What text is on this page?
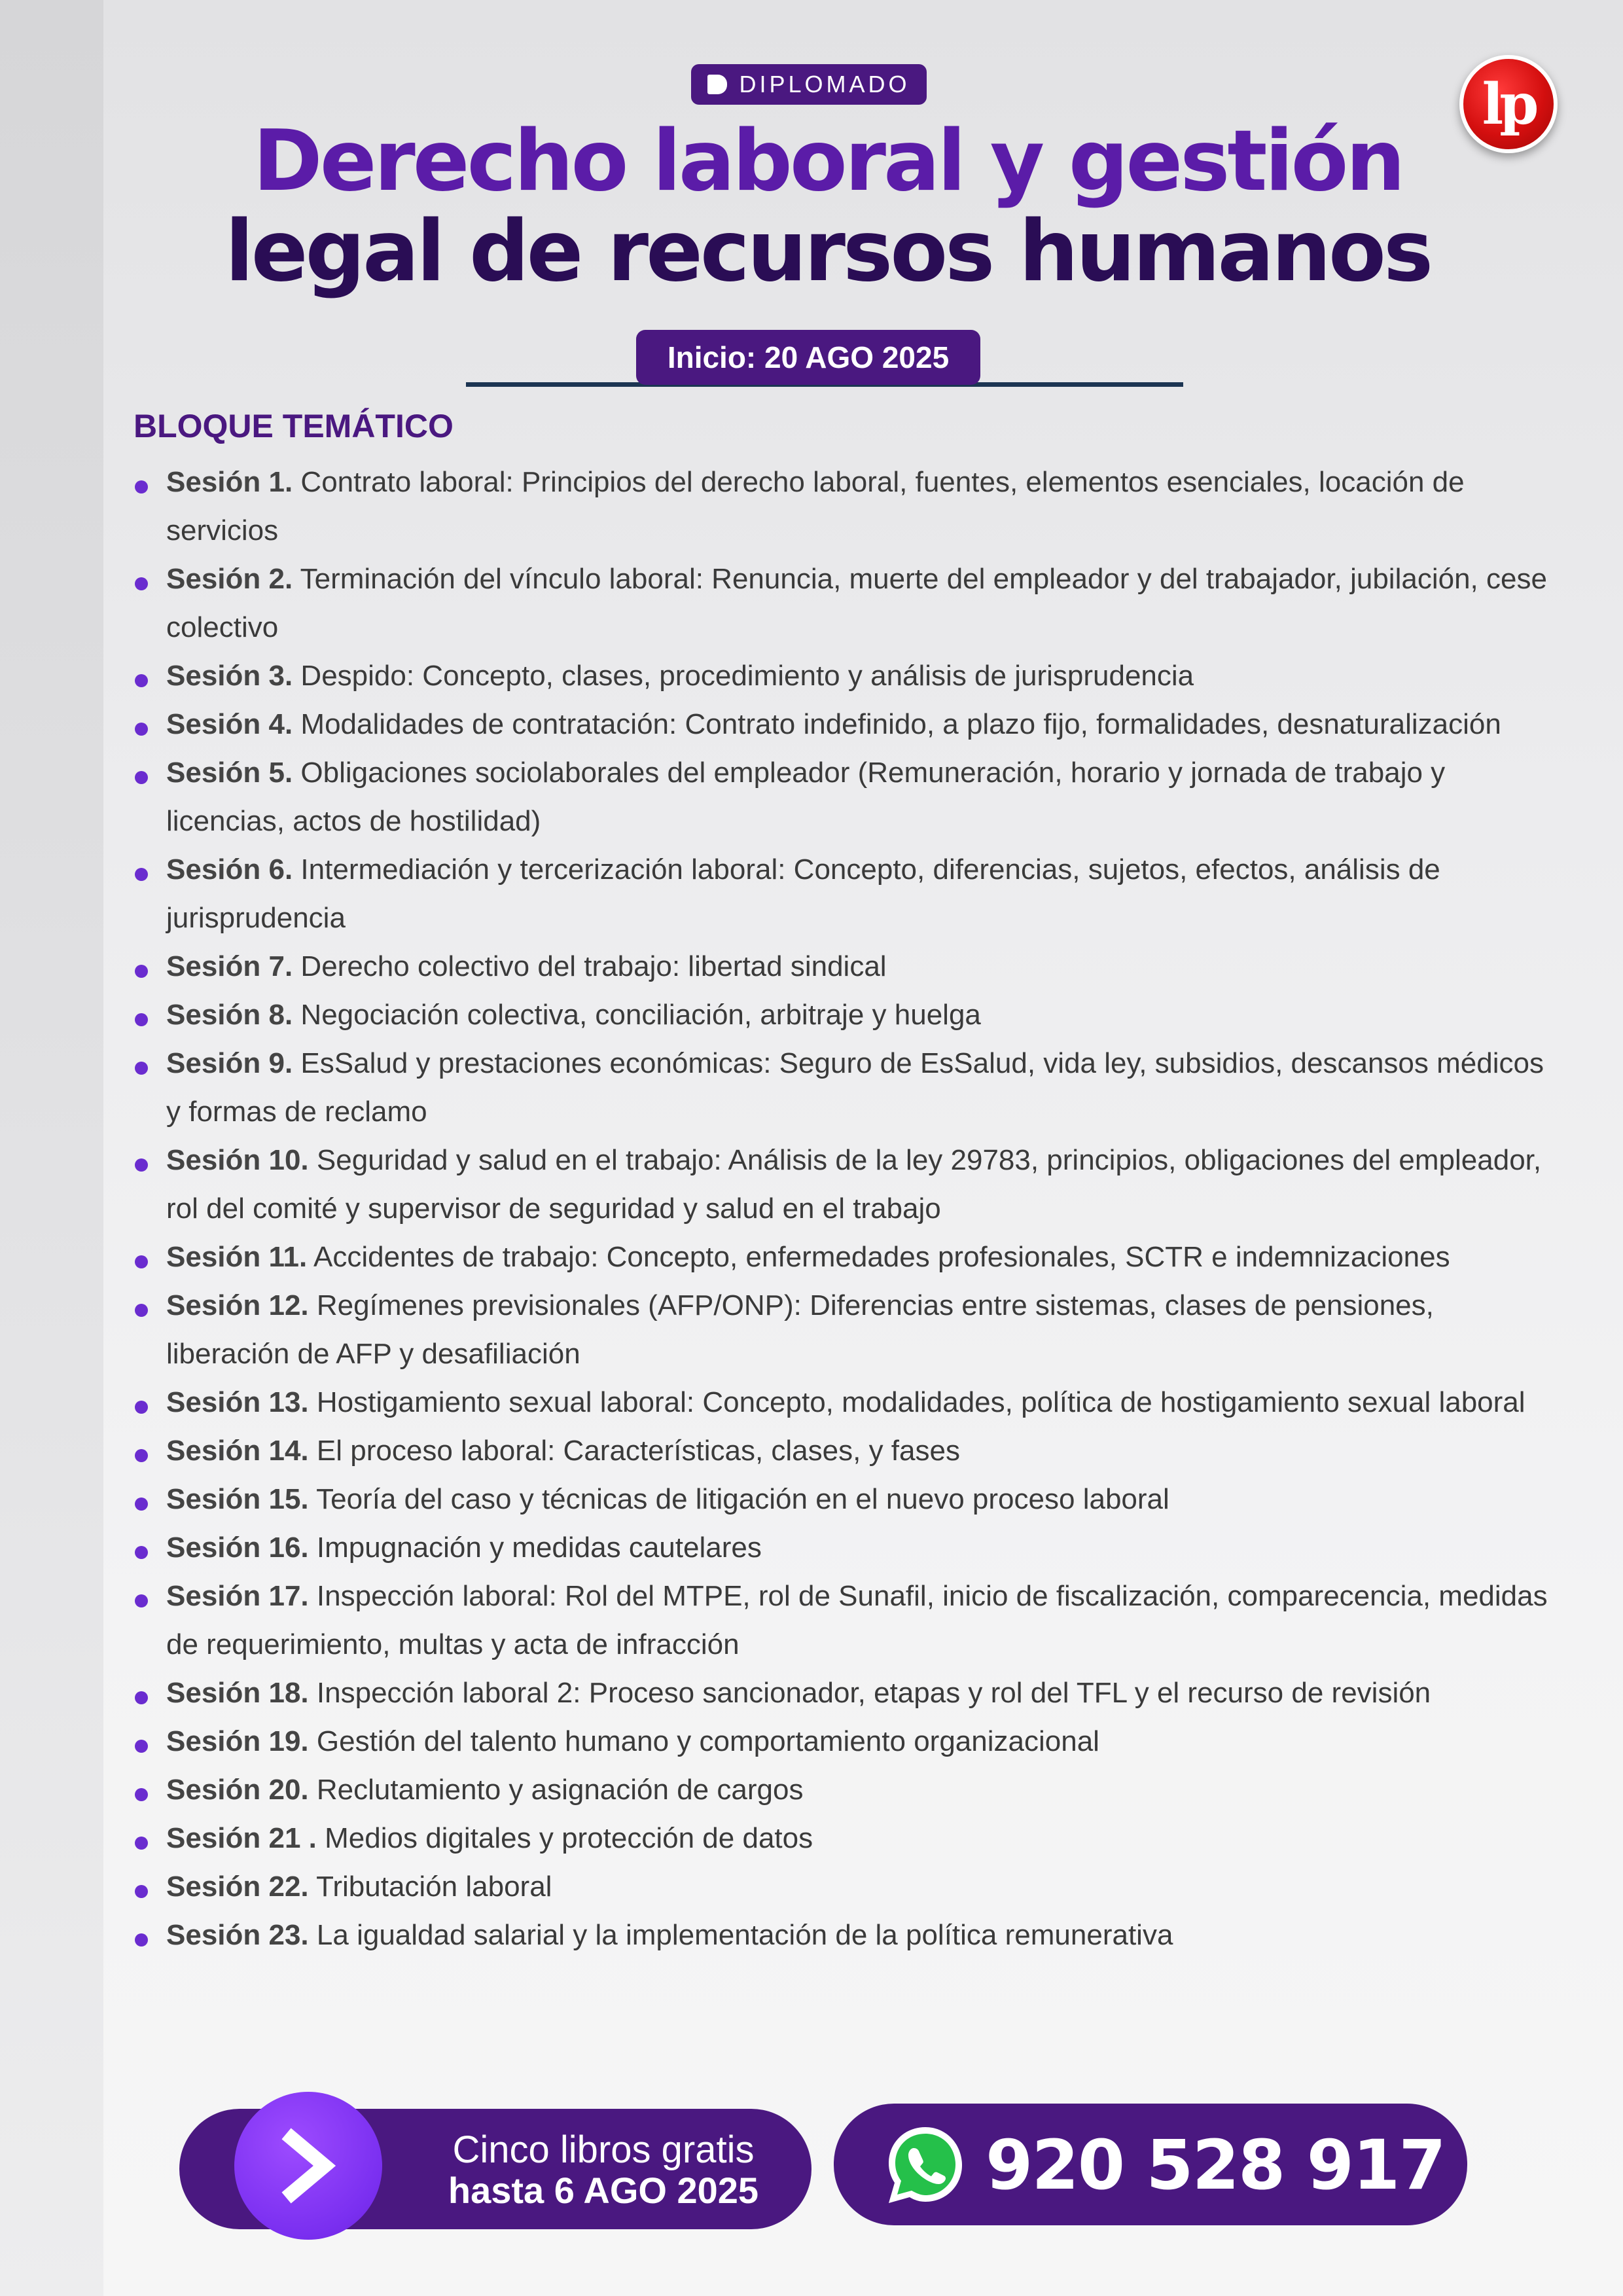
DIPLOMADO	lp
Derecho laboral y gestión
legal de recursos humanos
Inicio: 20 AGO 2025
BLOQUE TEMÁTICO
Sesión 1. Contrato laboral: Principios del derecho laboral, fuentes, elementos esenciales, locación de servicios
Sesión 2. Terminación del vínculo laboral: Renuncia, muerte del empleador y del trabajador, jubilación, cese colectivo
Sesión 3. Despido: Concepto, clases, procedimiento y análisis de jurisprudencia
Sesión 4. Modalidades de contratación: Contrato indefinido, a plazo fijo, formalidades, desnaturalización
Sesión 5. Obligaciones sociolaborales del empleador (Remuneración, horario y jornada de trabajo y licencias, actos de hostilidad)
Sesión 6. Intermediación y tercerización laboral: Concepto, diferencias, sujetos, efectos, análisis de jurisprudencia
Sesión 7. Derecho colectivo del trabajo: libertad sindical
Sesión 8. Negociación colectiva, conciliación, arbitraje y huelga
Sesión 9. EsSalud y prestaciones económicas: Seguro de EsSalud, vida ley, subsidios, descansos médicos y formas de reclamo
Sesión 10. Seguridad y salud en el trabajo: Análisis de la ley 29783, principios, obligaciones del empleador, rol del comité y supervisor de seguridad y salud en el trabajo
Sesión 11. Accidentes de trabajo: Concepto, enfermedades profesionales, SCTR e indemnizaciones
Sesión 12. Regímenes previsionales (AFP/ONP): Diferencias entre sistemas, clases de pensiones, liberación de AFP y desafiliación
Sesión 13. Hostigamiento sexual laboral: Concepto, modalidades, política de hostigamiento sexual laboral
Sesión 14. El proceso laboral: Características, clases, y fases
Sesión 15. Teoría del caso y técnicas de litigación en el nuevo proceso laboral
Sesión 16. Impugnación y medidas cautelares
Sesión 17. Inspección laboral: Rol del MTPE, rol de Sunafil, inicio de fiscalización, comparecencia, medidas de requerimiento, multas y acta de infracción
Sesión 18. Inspección laboral 2: Proceso sancionador, etapas y rol del TFL y el recurso de revisión
Sesión 19. Gestión del talento humano y comportamiento organizacional
Sesión 20. Reclutamiento y asignación de cargos
Sesión 21 . Medios digitales y protección de datos
Sesión 22. Tributación laboral
Sesión 23. La igualdad salarial y la implementación de la política remunerativa
Cinco libros gratis
hasta 6 AGO 2025	920 528 917
